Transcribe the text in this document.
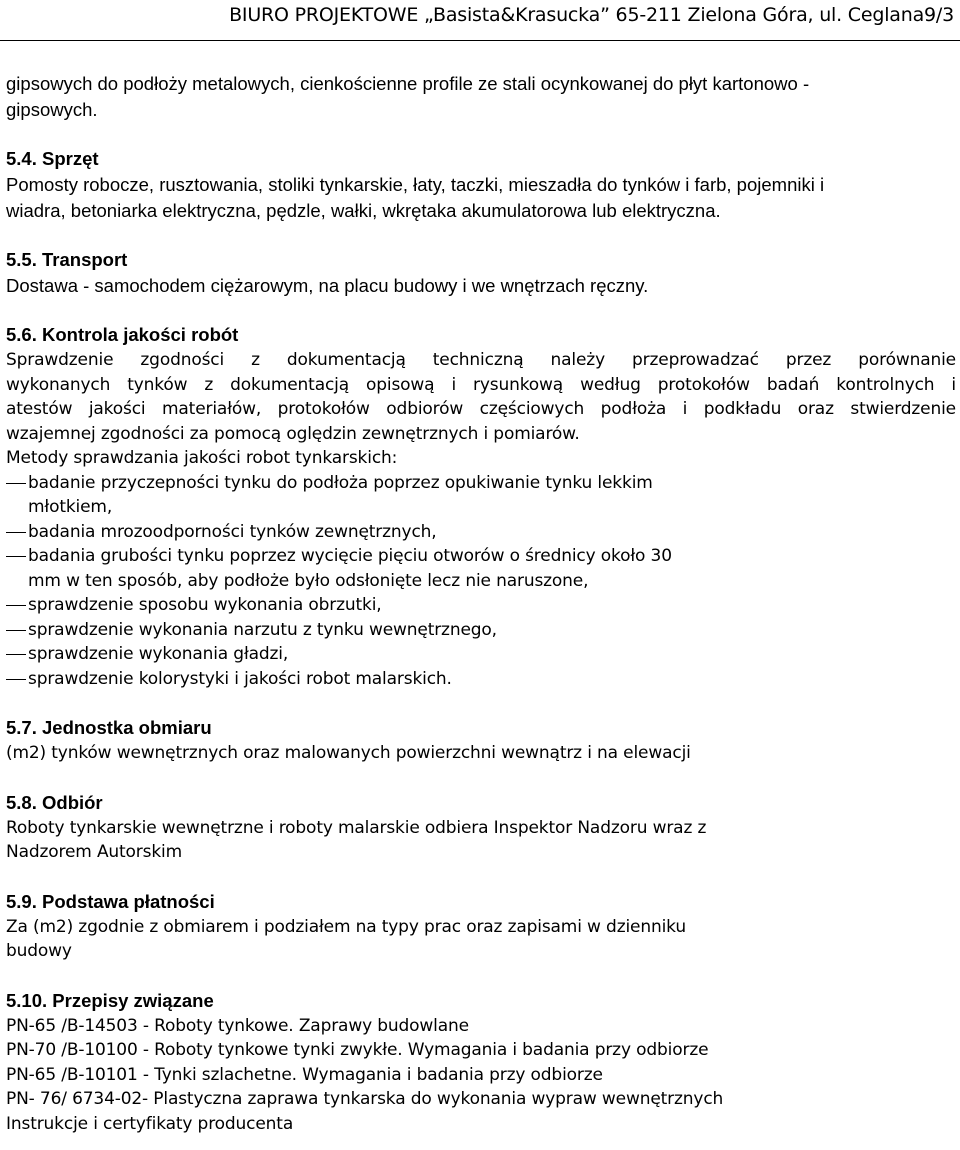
BIURO PROJEKTOWE „Basista&Krasucka” 65-211 Zielona Góra, ul. Ceglana9/3
gipsowych do podłoży metalowych, cienkościenne profile ze stali ocynkowanej do płyt kartonowo -
gipsowych.
5.4. Sprzęt
Pomosty robocze, rusztowania, stoliki tynkarskie, łaty, taczki, mieszadła do tynków i farb, pojemniki i
wiadra, betoniarka elektryczna, pędzle, wałki, wkrętaka akumulatorowa lub elektryczna.
5.5. Transport
Dostawa - samochodem ciężarowym, na placu budowy i we wnętrzach ręczny.
5.6. Kontrola jakości robót
Sprawdzenie zgodności z dokumentacją techniczną należy przeprowadzać przez porównanie
wykonanych tynków z dokumentacją opisową i rysunkową według protokołów badań kontrolnych i
atestów jakości materiałów, protokołów odbiorów częściowych podłoża i podkładu oraz stwierdzenie
wzajemnej zgodności za pomocą oględzin zewnętrznych i pomiarów.
Metody sprawdzania jakości robot tynkarskich:
badanie przyczepności tynku do podłoża poprzez opukiwanie tynku lekkim
młotkiem,
badania mrozoodporności tynków zewnętrznych,
badania grubości tynku poprzez wycięcie pięciu otworów o średnicy około 30
mm w ten sposób, aby podłoże było odsłonięte lecz nie naruszone,
sprawdzenie sposobu wykonania obrzutki,
sprawdzenie wykonania narzutu z tynku wewnętrznego,
sprawdzenie wykonania gładzi,
sprawdzenie kolorystyki i jakości robot malarskich.
5.7. Jednostka obmiaru
(m2) tynków wewnętrznych oraz malowanych powierzchni wewnątrz i na elewacji
5.8. Odbiór
Roboty tynkarskie wewnętrzne i roboty malarskie odbiera Inspektor Nadzoru wraz z
Nadzorem Autorskim
5.9. Podstawa płatności
Za (m2) zgodnie z obmiarem i podziałem na typy prac oraz zapisami w dzienniku
budowy
5.10. Przepisy związane
PN-65 /B-14503 - Roboty tynkowe. Zaprawy budowlane
PN-70 /B-10100 - Roboty tynkowe tynki zwykłe. Wymagania i badania przy odbiorze
PN-65 /B-10101 - Tynki szlachetne. Wymagania i badania przy odbiorze
PN- 76/ 6734-02- Plastyczna zaprawa tynkarska do wykonania wypraw wewnętrznych
Instrukcje i certyfikaty producenta
